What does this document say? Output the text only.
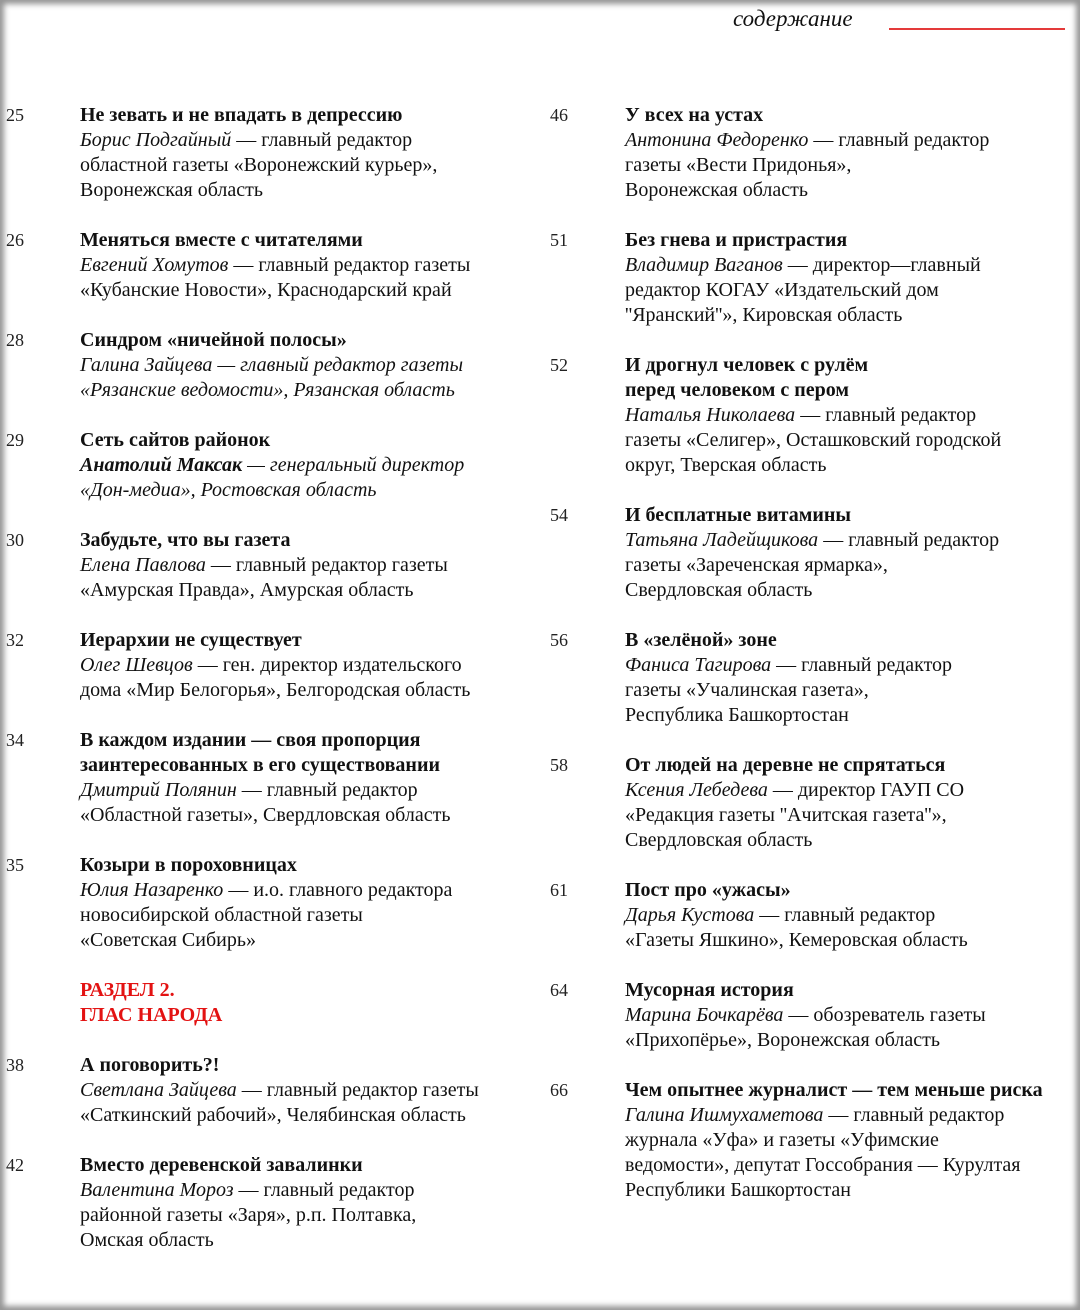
содержание
25	Не зевать и не впадать в депрессию
Борис Подгайный — главный редактор
областной газеты «Воронежский курьер»,
Воронежская область
26	Меняться вместе с читателями
Евгений Хомутов — главный редактор газеты
«Кубанские Новости», Краснодарский край
28	Синдром «ничейной полосы»
Галина Зайцева — главный редактор газеты
«Рязанские ведомости», Рязанская область
29	Сеть сайтов районок
Анатолий Максак — генеральный директор
«Дон-медиа», Ростовская область
30	Забудьте, что вы газета
Елена Павлова — главный редактор газеты
«Амурская Правда», Амурская область
32	Иерархии не существует
Олег Шевцов — ген. директор издательского
дома «Мир Белогорья», Белгородская область
34	В каждом издании — своя пропорция
заинтересованных в его существовании
Дмитрий Полянин — главный редактор
«Областной газеты», Свердловская область
35	Козыри в пороховницах
Юлия Назаренко — и.о. главного редактора
новосибирской областной газеты
«Советская Сибирь»
38	А поговорить?!
Светлана Зайцева — главный редактор газеты
«Саткинский рабочий», Челябинская область
42	Вместо деревенской завалинки
Валентина Мороз — главный редактор
районной газеты «Заря», р.п. Полтавка,
Омская область
46	У всех на устах
Антонина Федоренко — главный редактор
газеты «Вести Придонья»,
Воронежская область
51	Без гнева и пристрастия
Владимир Ваганов — директор—главный
редактор КОГАУ «Издательский дом
''Яранский''», Кировская область
52	И дрогнул человек с рулём
перед человеком с пером
Наталья Николаева — главный редактор
газеты «Селигер», Осташковский городской
округ, Тверская область
54	И бесплатные витамины
Татьяна Ладейщикова — главный редактор
газеты «Зареченская ярмарка»,
Свердловская область
56	В «зелёной» зоне
Фаниса Тагирова — главный редактор
газеты «Учалинская газета»,
Республика Башкортостан
58	От людей на деревне не спрятаться
Ксения Лебедева — директор ГАУП СО
«Редакция газеты ''Ачитская газета''»,
Свердловская область
61	Пост про «ужасы»
Дарья Кустова — главный редактор
«Газеты Яшкино», Кемеровская область
64	Мусорная история
Марина Бочкарёва — обозреватель газеты
«Прихопёрье», Воронежская область
66	Чем опытнее журналист — тем меньше риска
Галина Ишмухаметова — главный редактор
журнала «Уфа» и газеты «Уфимские
ведомости», депутат Госсобрания — Курултая
Республики Башкортостан
РАЗДЕЛ 2.
ГЛАС НАРОДА
